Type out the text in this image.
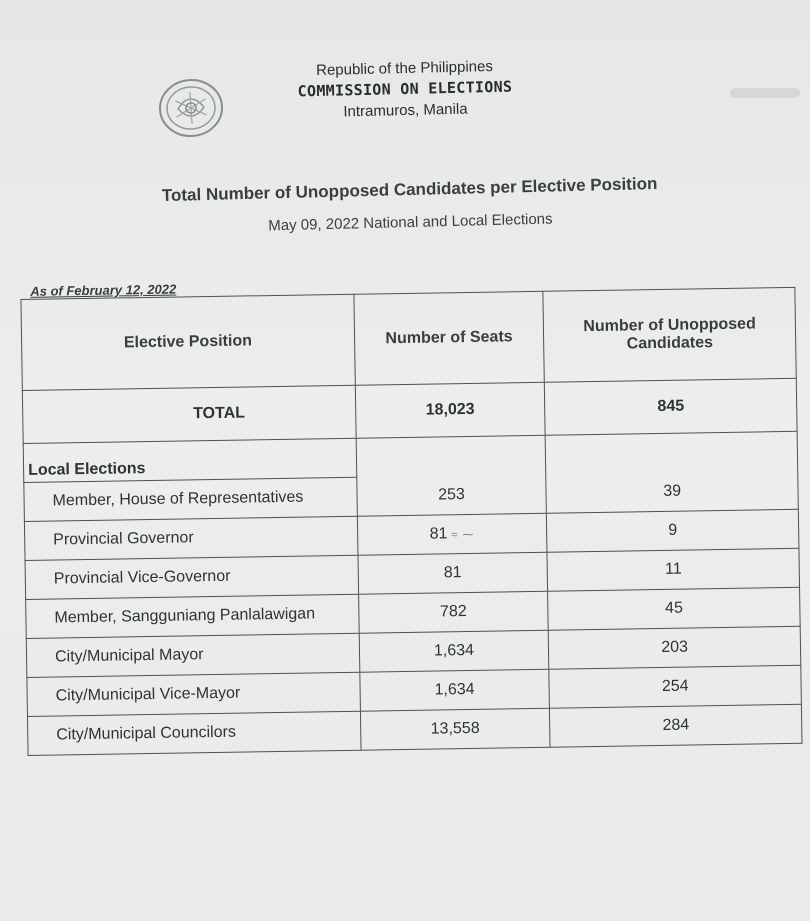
Republic of the Philippines
COMMISSION ON ELECTIONS
Intramuros, Manila
Total Number of Unopposed Candidates per Elective Position
May 09, 2022 National and Local Elections
As of February 12, 2022
Elective Position	Number of Seats	Number of Unopposed Candidates
TOTAL	18,023	845
Local Elections		
Member, House of Representatives	253	39
Provincial Governor	81 ≈ ⁓	9
Provincial Vice-Governor	81	11
Member, Sangguniang Panlalawigan	782	45
City/Municipal Mayor	1,634	203
City/Municipal Vice-Mayor	1,634	254
City/Municipal Councilors	13,558	284
